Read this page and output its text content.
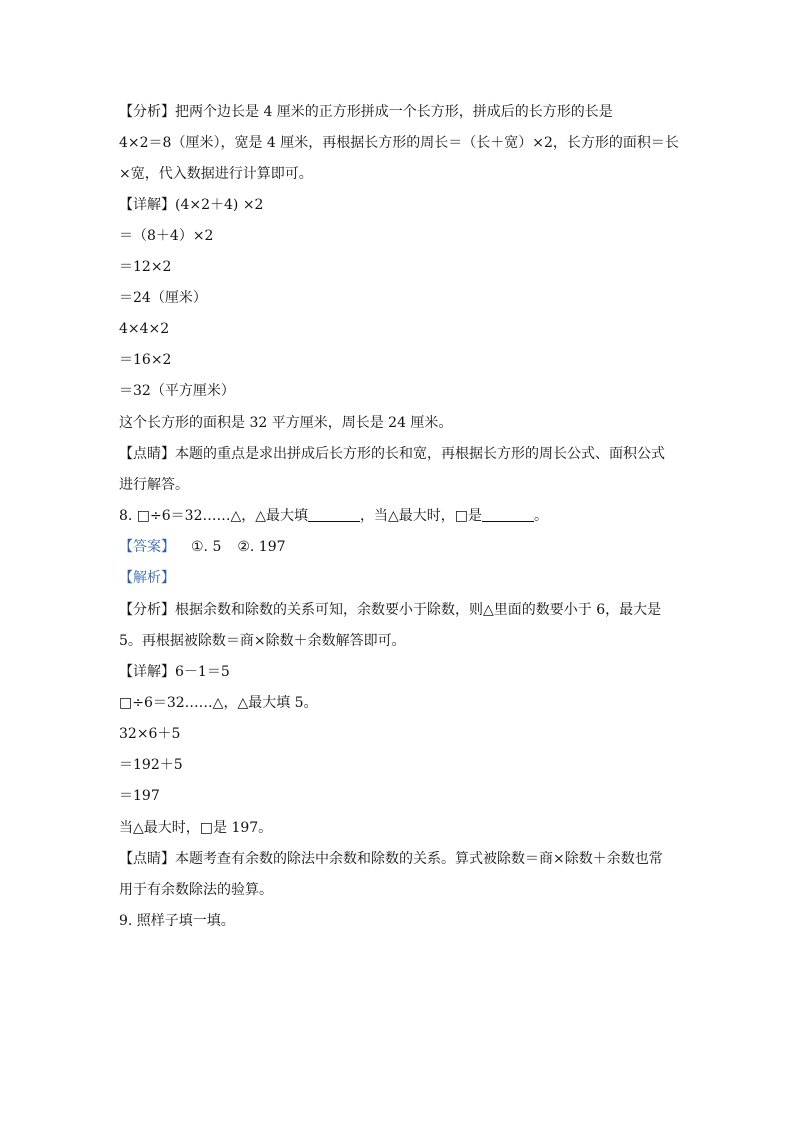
【分析】把两个边长是 4 厘米的正方形拼成一个长方形，拼成后的长方形的长是
4×2＝8（厘米），宽是 4 厘米，再根据长方形的周长＝（长＋宽）×2，长方形的面积＝长
×宽，代入数据进行计算即可。
【详解】(4×2＋4) ×2
＝（8＋4）×2
＝12×2
＝24（厘米）
4×4×2
＝16×2
＝32（平方厘米）
这个长方形的面积是 32 平方厘米，周长是 24 厘米。
【点睛】本题的重点是求出拼成后长方形的长和宽，再根据长方形的周长公式、面积公式
进行解答。
8. □÷6＝32……△，△最大填	，当△最大时，□是	。
【答案】 ①. 5 ②. 197
【解析】
【分析】根据余数和除数的关系可知，余数要小于除数，则△里面的数要小于 6，最大是
5。再根据被除数＝商×除数＋余数解答即可。
【详解】6－1＝5
□÷6＝32……△，△最大填 5。
32×6＋5
＝192＋5
＝197
当△最大时，□是 197。
【点睛】本题考查有余数的除法中余数和除数的关系。算式被除数＝商×除数＋余数也常
用于有余数除法的验算。
9. 照样子填一填。
